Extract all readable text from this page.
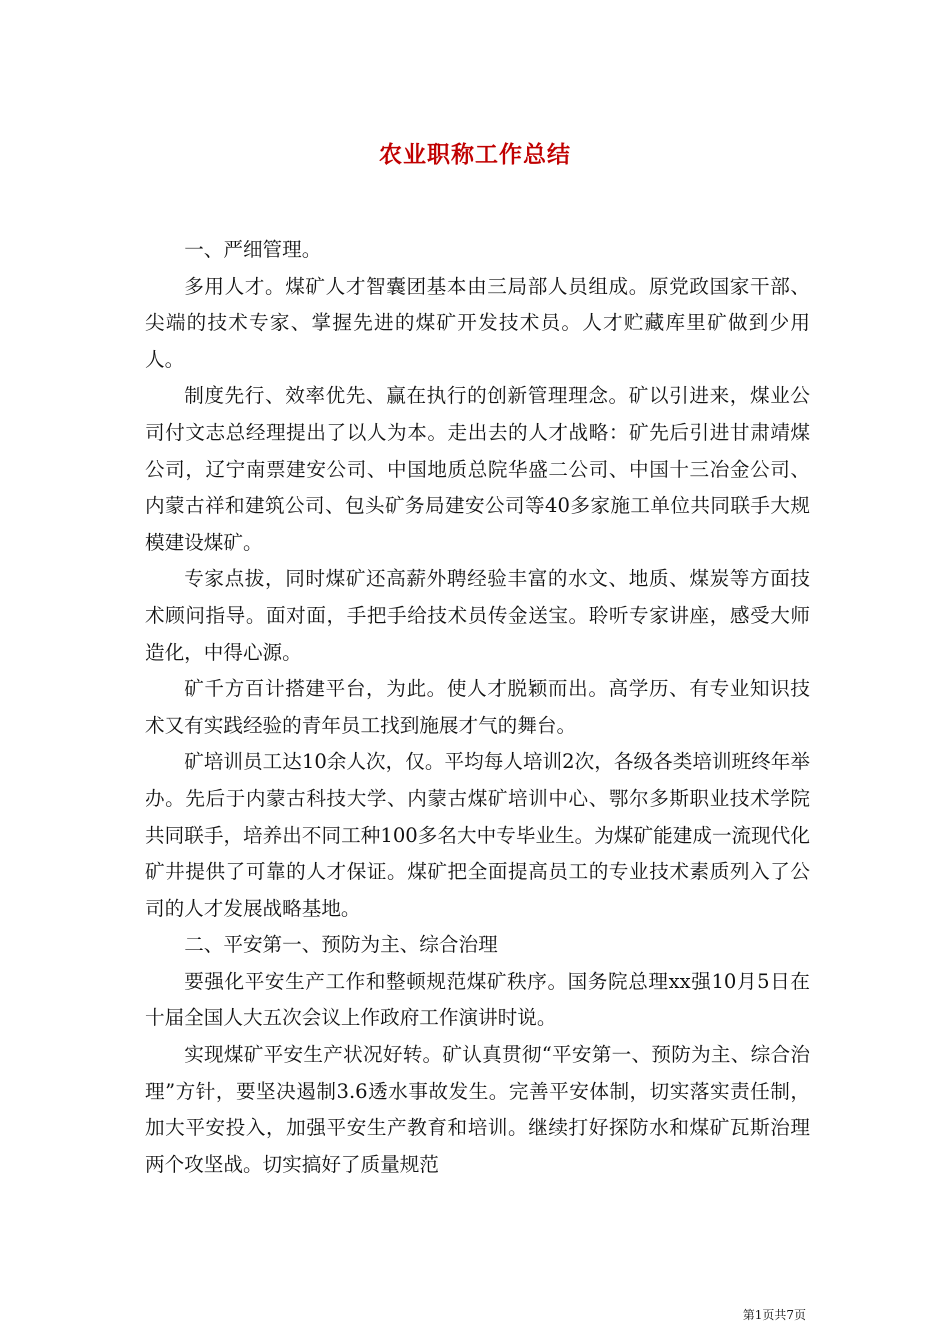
农业职称工作总结

一、严细管理。

多用人才。煤矿人才智囊团基本由三局部人员组成。原党政国家干部、尖端的技术专家、掌握先进的煤矿开发技术员。人才贮藏库里矿做到少用人。

制度先行、效率优先、赢在执行的创新管理理念。矿以引进来，煤业公司付文志总经理提出了以人为本。走出去的人才战略：矿先后引进甘肃靖煤公司，辽宁南票建安公司、中国地质总院华盛二公司、中国十三冶金公司、内蒙古祥和建筑公司、包头矿务局建安公司等40多家施工单位共同联手大规模建设煤矿。

专家点拔，同时煤矿还高薪外聘经验丰富的水文、地质、煤炭等方面技术顾问指导。面对面，手把手给技术员传金送宝。聆听专家讲座，感受大师造化，中得心源。

矿千方百计搭建平台，为此。使人才脱颖而出。高学历、有专业知识技术又有实践经验的青年员工找到施展才气的舞台。

矿培训员工达10余人次，仅。平均每人培训2次，各级各类培训班终年举办。先后于内蒙古科技大学、内蒙古煤矿培训中心、鄂尔多斯职业技术学院共同联手，培养出不同工种100多名大中专毕业生。为煤矿能建成一流现代化矿井提供了可靠的人才保证。煤矿把全面提高员工的专业技术素质列入了公司的人才发展战略基地。

二、平安第一、预防为主、综合治理

要强化平安生产工作和整顿规范煤矿秩序。国务院总理xx强10月5日在十届全国人大五次会议上作政府工作演讲时说。

实现煤矿平安生产状况好转。矿认真贯彻“平安第一、预防为主、综合治理”方针，要坚决遏制3.6透水事故发生。完善平安体制，切实落实责任制，加大平安投入，加强平安生产教育和培训。继续打好探防水和煤矿瓦斯治理两个攻坚战。切实搞好了质量规范

第1页共7页
